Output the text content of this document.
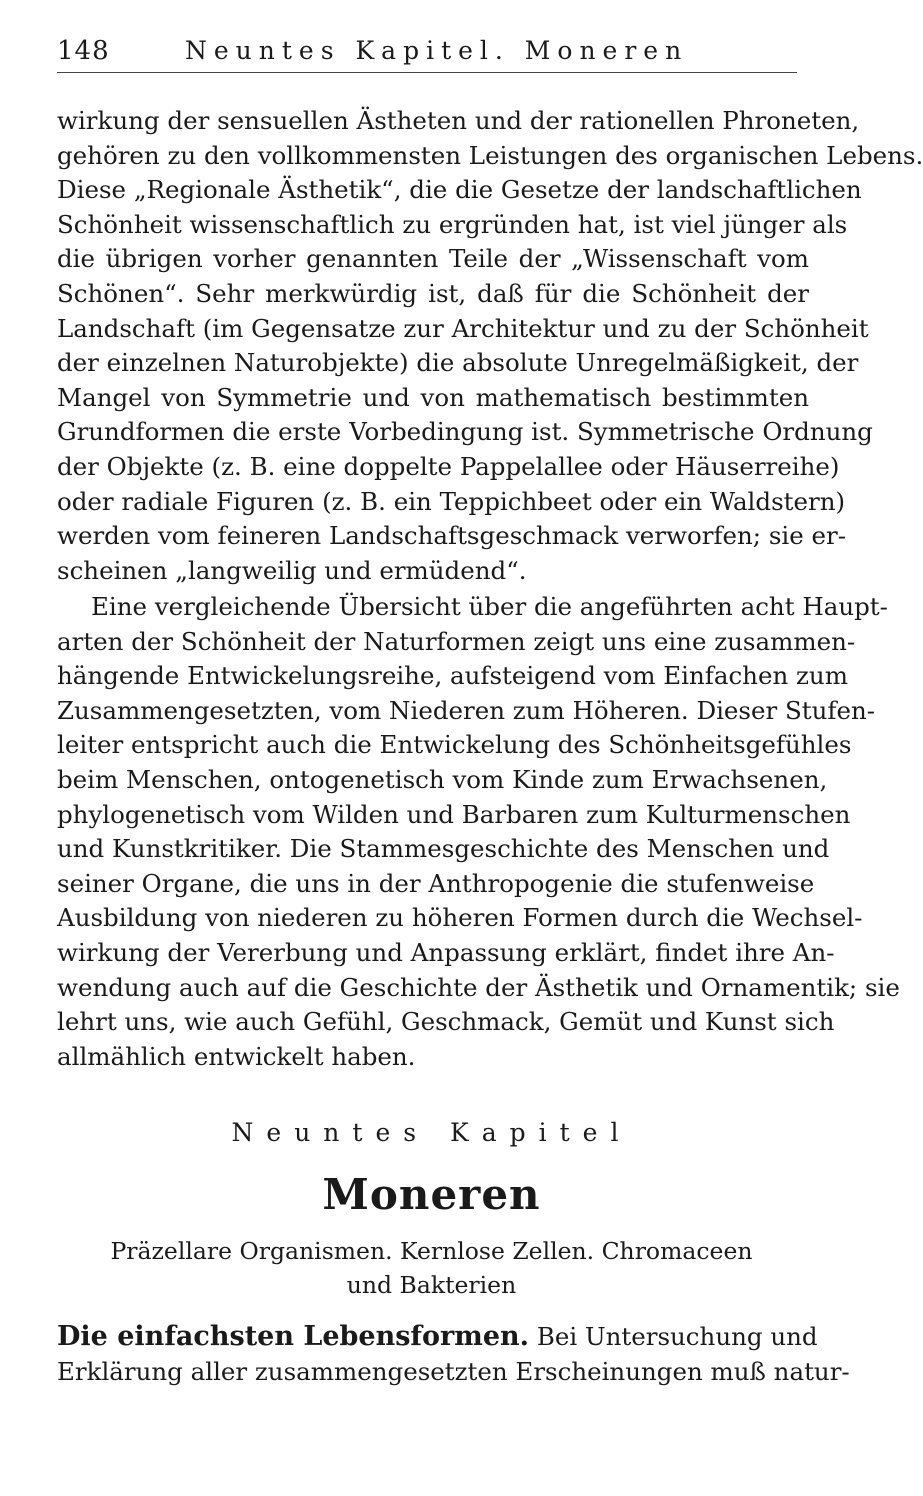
148	Neuntes Kapitel. Moneren
wirkung der sensuellen Ästheten und der rationellen Phroneten,
gehören zu den vollkommensten Leistungen des organischen Lebens.
Diese „Regionale Ästhetik“, die die Gesetze der landschaftlichen
Schönheit wissenschaftlich zu ergründen hat, ist viel jünger als
die übrigen vorher genannten Teile der „Wissenschaft vom
Schönen“. Sehr merkwürdig ist, daß für die Schönheit der
Landschaft (im Gegensatze zur Architektur und zu der Schönheit
der einzelnen Naturobjekte) die absolute Unregelmäßigkeit, der
Mangel von Symmetrie und von mathematisch bestimmten
Grundformen die erste Vorbedingung ist. Symmetrische Ordnung
der Objekte (z. B. eine doppelte Pappelallee oder Häuserreihe)
oder radiale Figuren (z. B. ein Teppichbeet oder ein Waldstern)
werden vom feineren Landschaftsgeschmack verworfen; sie er-
scheinen „langweilig und ermüdend“.
Eine vergleichende Übersicht über die angeführten acht Haupt-
arten der Schönheit der Naturformen zeigt uns eine zusammen-
hängende Entwickelungsreihe, aufsteigend vom Einfachen zum
Zusammengesetzten, vom Niederen zum Höheren. Dieser Stufen-
leiter entspricht auch die Entwickelung des Schönheitsgefühles
beim Menschen, ontogenetisch vom Kinde zum Erwachsenen,
phylogenetisch vom Wilden und Barbaren zum Kulturmenschen
und Kunstkritiker. Die Stammesgeschichte des Menschen und
seiner Organe, die uns in der Anthropogenie die stufenweise
Ausbildung von niederen zu höheren Formen durch die Wechsel-
wirkung der Vererbung und Anpassung erklärt, findet ihre An-
wendung auch auf die Geschichte der Ästhetik und Ornamentik; sie
lehrt uns, wie auch Gefühl, Geschmack, Gemüt und Kunst sich
allmählich entwickelt haben.
Neuntes Kapitel
Moneren
Präzellare Organismen. Kernlose Zellen. Chromaceen
und Bakterien
Die einfachsten Lebensformen. Bei Untersuchung und
Erklärung aller zusammengesetzten Erscheinungen muß natur-
